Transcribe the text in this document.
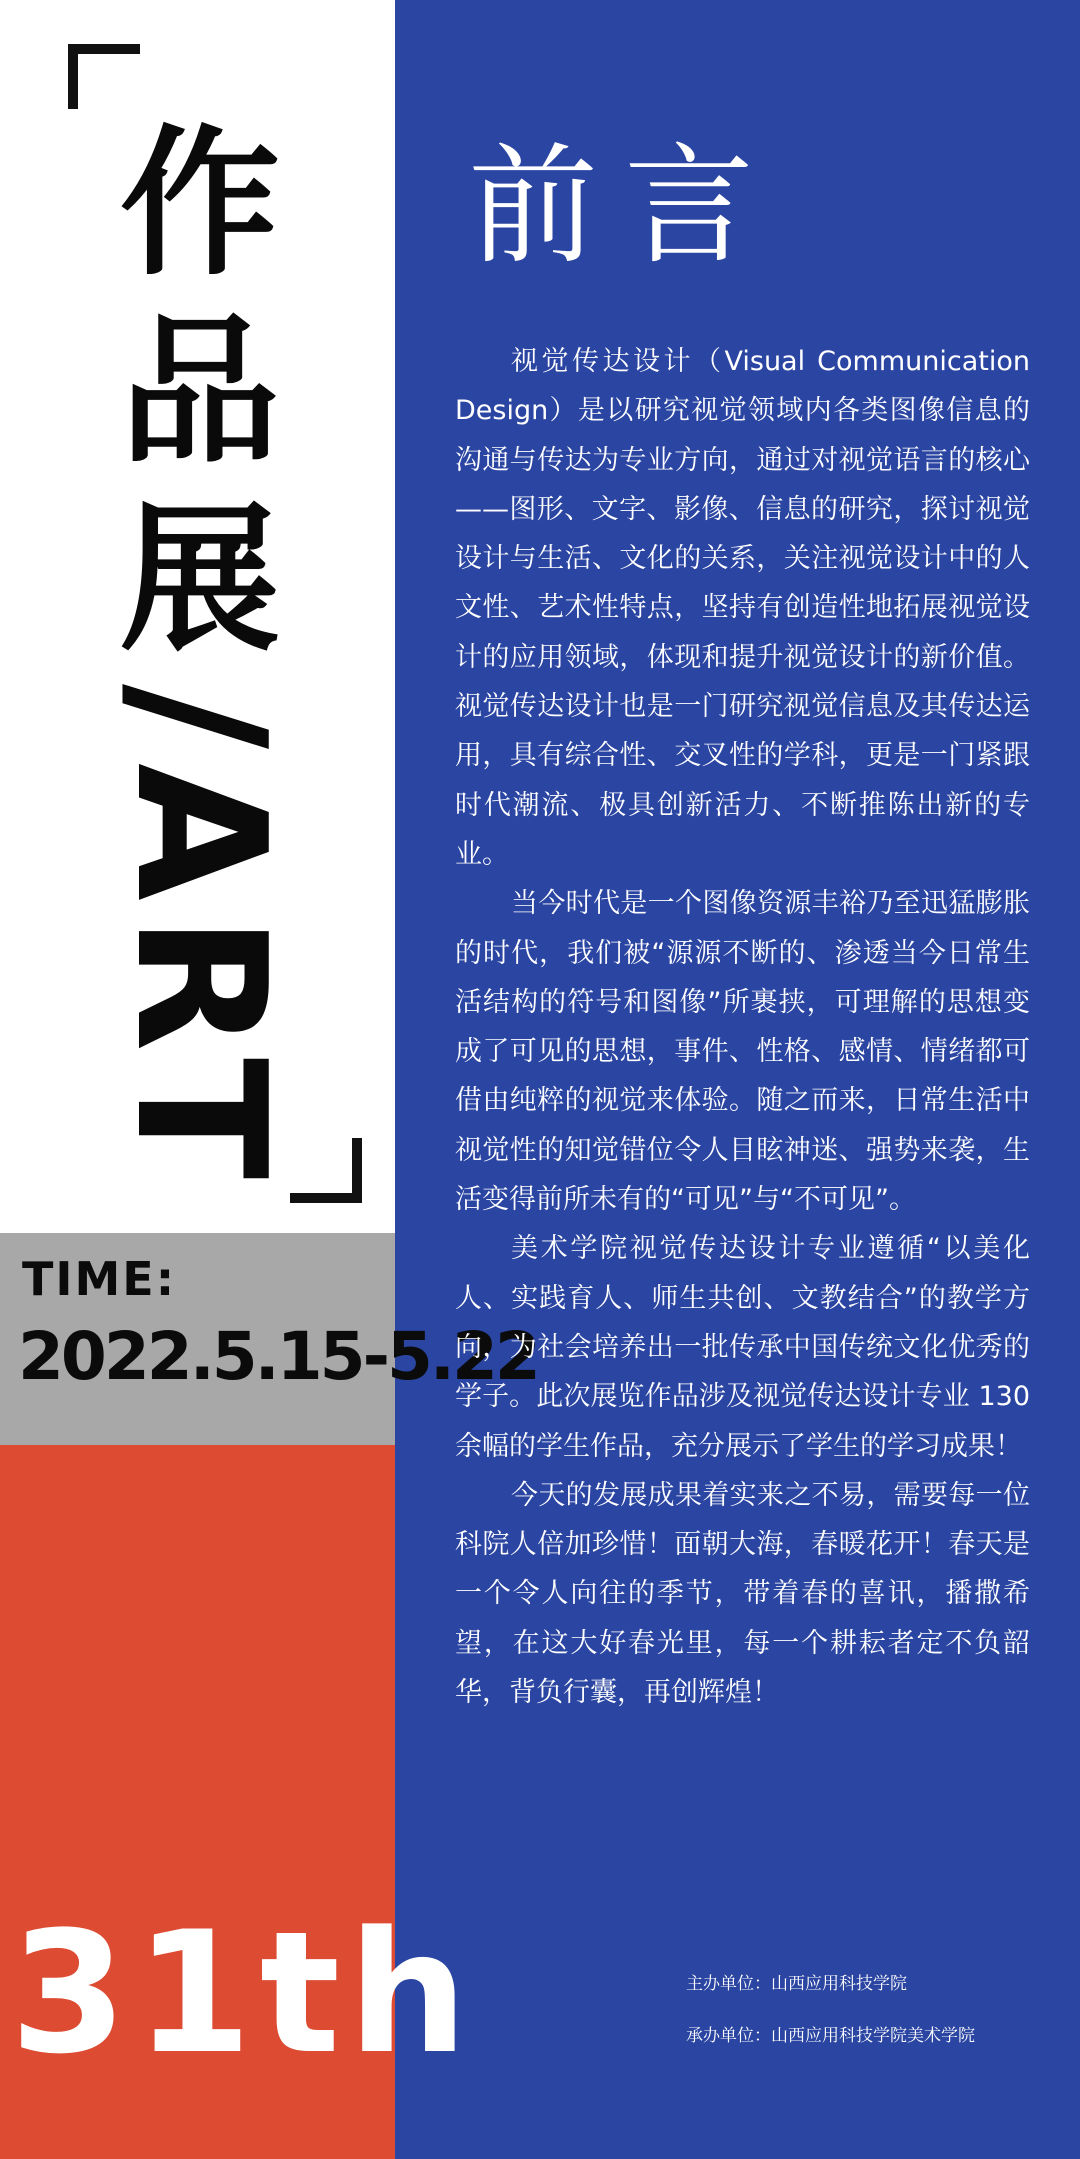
作
品
展
/ART
TIME:
2022.5.15-5.22
31th
前言

视觉传达设计（Visual Communication Design）是以研究视觉领域内各类图像信息的沟通与传达为专业方向，通过对视觉语言的核心——图形、文字、影像、信息的研究，探讨视觉设计与生活、文化的关系，关注视觉设计中的人文性、艺术性特点，坚持有创造性地拓展视觉设计的应用领域，体现和提升视觉设计的新价值。视觉传达设计也是一门研究视觉信息及其传达运用，具有综合性、交叉性的学科，更是一门紧跟时代潮流、极具创新活力、不断推陈出新的专业。

当今时代是一个图像资源丰裕乃至迅猛膨胀的时代，我们被“源源不断的、渗透当今日常生活结构的符号和图像”所裹挟，可理解的思想变成了可见的思想，事件、性格、感情、情绪都可借由纯粹的视觉来体验。随之而来，日常生活中视觉性的知觉错位令人目眩神迷、强势来袭，生活变得前所未有的“可见”与“不可见”。

美术学院视觉传达设计专业遵循“以美化人、实践育人、师生共创、文教结合”的教学方向，为社会培养出一批传承中国传统文化优秀的学子。此次展览作品涉及视觉传达设计专业 130 余幅的学生作品，充分展示了学生的学习成果！

今天的发展成果着实来之不易，需要每一位科院人倍加珍惜！面朝大海，春暖花开！春天是一个令人向往的季节，带着春的喜讯，播撒希望，在这大好春光里，每一个耕耘者定不负韶华，背负行囊，再创辉煌！

主办单位：山西应用科技学院
承办单位：山西应用科技学院美术学院
